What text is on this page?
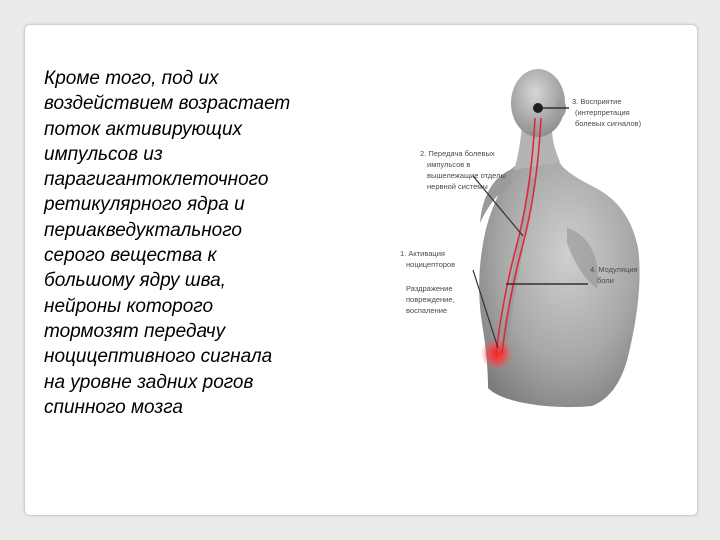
Кроме того, под их
воздействием возрастает
поток активирующих
импульсов из
парагигантоклеточного
ретикулярного ядра и
периакведуктального
серого вещества к
большому ядру шва,
нейроны которого
тормозят передачу
ноцицептивного сигнала
на уровне задних рогов
спинного мозга
3. Восприятие (интерпретация болевых сигналов)
2. Передача болевых импульсов в вышележащие отделы нервной системы
1. Активация ноцицепторов
Раздражение повреждение, воспаление
4. Модуляция боли
